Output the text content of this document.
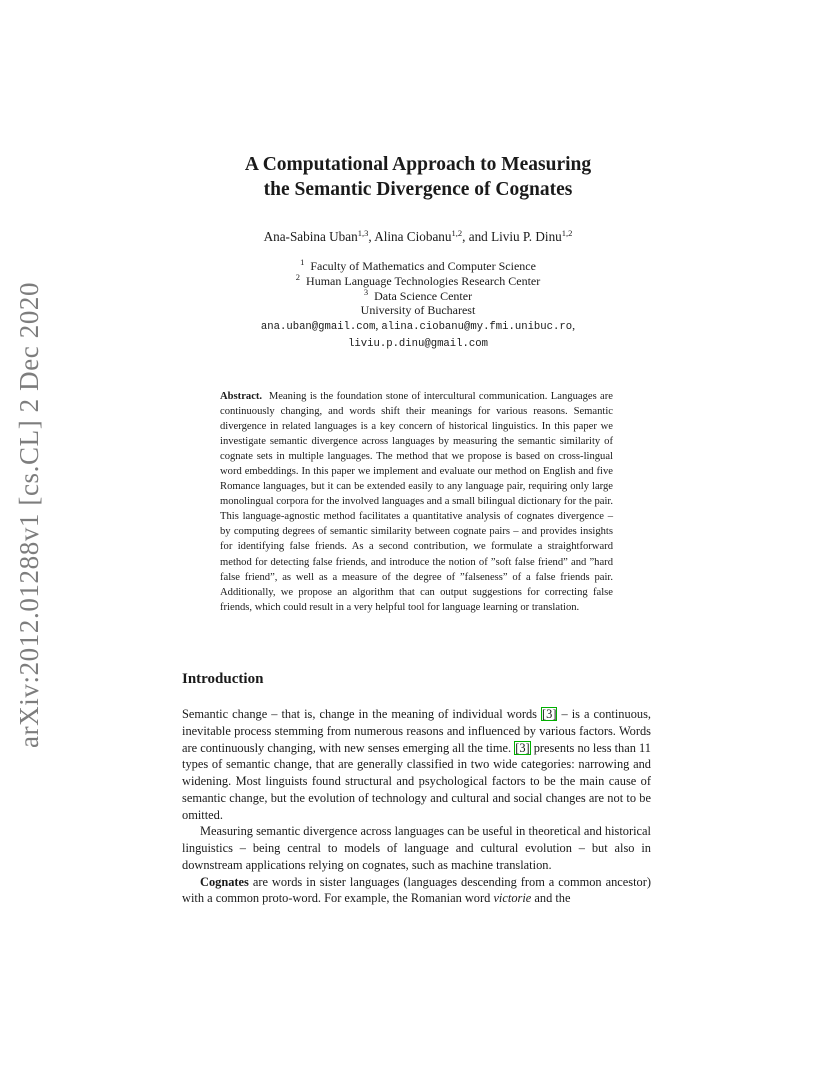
arXiv:2012.01288v1 [cs.CL] 2 Dec 2020
A Computational Approach to Measuring
the Semantic Divergence of Cognates
Ana-Sabina Uban$^{1,3}$, Alina Ciobanu$^{1,2}$, and Liviu P. Dinu$^{1,2}$
$^1$ Faculty of Mathematics and Computer Science
$^2$ Human Language Technologies Research Center
$^3$ Data Science Center
University of Bucharest
ana.uban@gmail.com, alina.ciobanu@my.fmi.unibuc.ro,
liviu.p.dinu@gmail.com

Abstract. Meaning is the foundation stone of intercultural communication. Languages are continuously changing, and words shift their meanings for various reasons. Semantic divergence in related languages is a key concern of historical linguistics. In this paper we investigate semantic divergence across languages by measuring the semantic similarity of cognate sets in multiple languages. The method that we propose is based on cross-lingual word embeddings. In this paper we implement and evaluate our method on English and five Romance languages, but it can be extended easily to any language pair, requiring only large monolingual corpora for the involved languages and a small bilingual dictionary for the pair. This language-agnostic method facilitates a quantitative analysis of cognates divergence – by computing degrees of semantic similarity between cognate pairs – and provides insights for identifying false friends. As a second contribution, we formulate a straightforward method for detecting false friends, and introduce the notion of ”soft false friend” and ”hard false friend”, as well as a measure of the degree of ”falseness” of a false friends pair. Additionally, we propose an algorithm that can output suggestions for correcting false friends, which could result in a very helpful tool for language learning or translation.

Introduction

Semantic change – that is, change in the meaning of individual words [3] – is a continuous, inevitable process stemming from numerous reasons and influenced by various factors. Words are continuously changing, with new senses emerging all the time. [3] presents no less than 11 types of semantic change, that are generally classified in two wide categories: narrowing and widening. Most linguists found structural and psychological factors to be the main cause of semantic change, but the evolution of technology and cultural and social changes are not to be omitted.

Measuring semantic divergence across languages can be useful in theoretical and historical linguistics – being central to models of language and cultural evolution – but also in downstream applications relying on cognates, such as machine translation.

Cognates are words in sister languages (languages descending from a common ancestor) with a common proto-word. For example, the Romanian word victorie and the
